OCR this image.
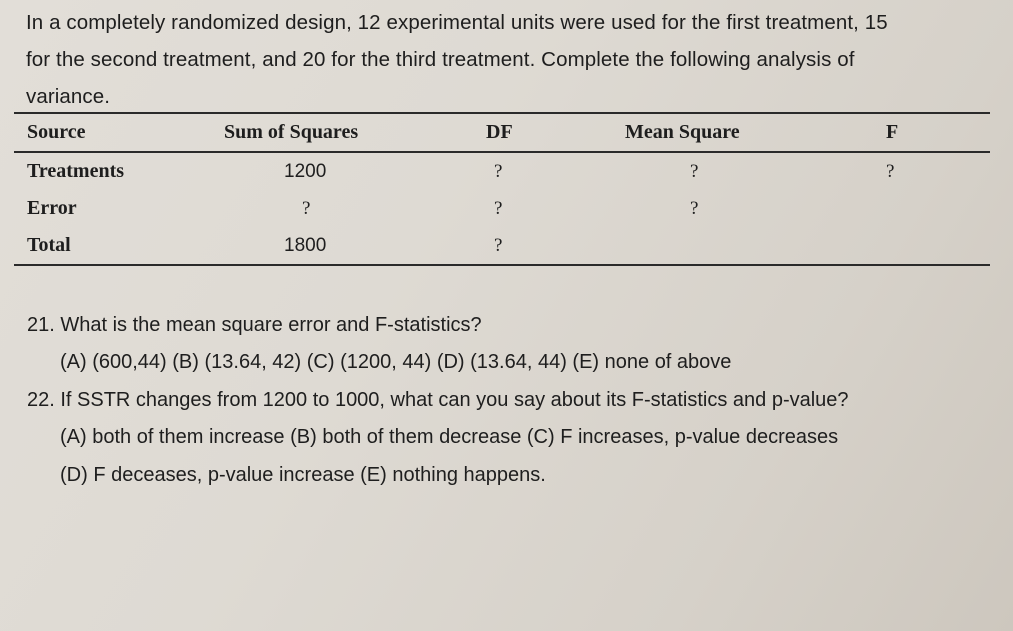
In a completely randomized design, 12 experimental units were used for the first treatment, 15
for the second treatment, and 20 for the third treatment. Complete the following analysis of
variance.
Source	Sum of Squares	DF	Mean Square	F
Treatments	1200	?	?	?
Error	?	?	?
Total	1800	?
21. What is the mean square error and F-statistics?
(A) (600,44) (B) (13.64, 42) (C) (1200, 44) (D) (13.64, 44) (E) none of above
22. If SSTR changes from 1200 to 1000, what can you say about its F-statistics and p-value?
(A) both of them increase (B) both of them decrease (C) F increases, p-value decreases
(D) F deceases, p-value increase (E) nothing happens.
